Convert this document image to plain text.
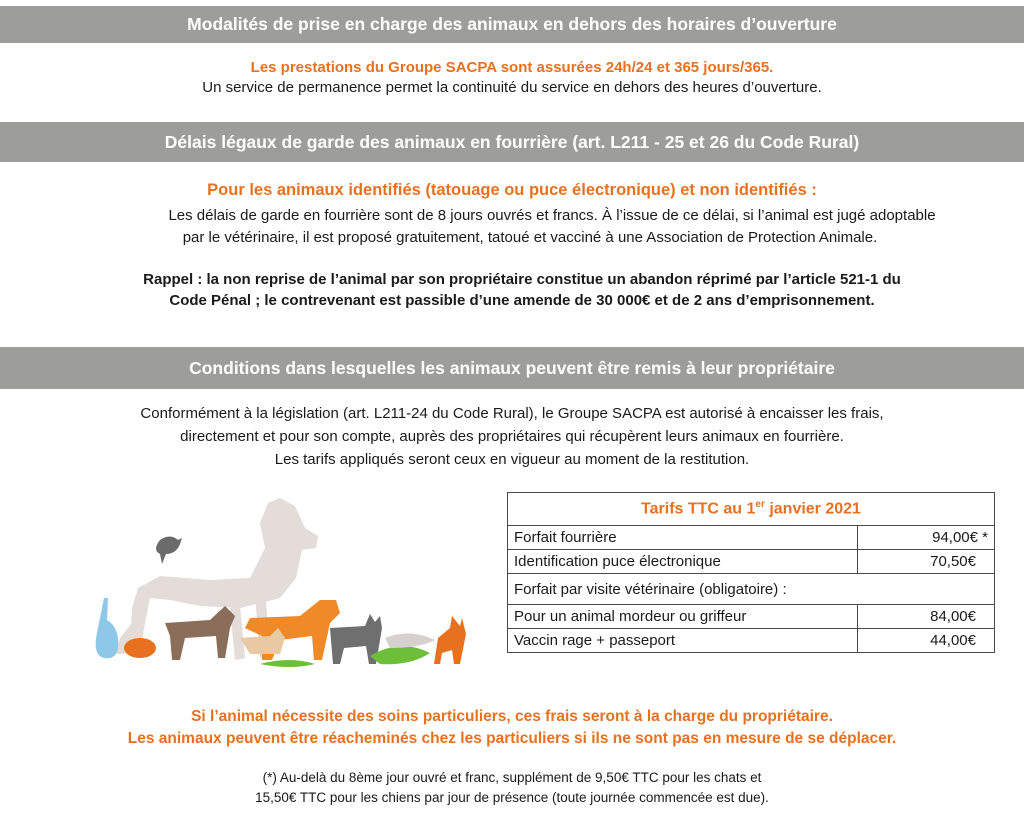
Modalités de prise en charge des animaux en dehors des horaires d’ouverture
Les prestations du Groupe SACPA sont assurées 24h/24 et 365 jours/365.
Un service de permanence permet la continuité du service en dehors des heures d’ouverture.
Délais légaux de garde des animaux en fourrière (art. L211 - 25 et 26 du Code Rural)
Pour les animaux identifiés (tatouage ou puce électronique) et non identifiés :
Les délais de garde en fourrière sont de 8 jours ouvrés et francs. À l’issue de ce délai, si l’animal est jugé adoptable
par le vétérinaire, il est proposé gratuitement, tatoué et vacciné à une Association de Protection Animale.
Rappel : la non reprise de l’animal par son propriétaire constitue un abandon réprimé par l’article 521-1 du
Code Pénal ; le contrevenant est passible d’une amende de 30 000€ et de 2 ans d’emprisonnement.
Conditions dans lesquelles les animaux peuvent être remis à leur propriétaire
Conformément à la législation (art. L211-24 du Code Rural), le Groupe SACPA est autorisé à encaisser les frais,
directement et pour son compte, auprès des propriétaires qui récupèrent leurs animaux en fourrière.
Les tarifs appliqués seront ceux en vigueur au moment de la restitution.
Tarifs TTC au 1er janvier 2021	
Forfait fourrière	94,00€ *
Identification puce électronique	70,50€
Forfait par visite vétérinaire (obligatoire) :	
Pour un animal mordeur ou griffeur	84,00€
Vaccin rage + passeport	44,00€
Si l’animal nécessite des soins particuliers, ces frais seront à la charge du propriétaire.
Les animaux peuvent être réacheminés chez les particuliers si ils ne sont pas en mesure de se déplacer.
(*) Au-delà du 8ème jour ouvré et franc, supplément de 9,50€ TTC pour les chats et
15,50€ TTC pour les chiens par jour de présence (toute journée commencée est due).
